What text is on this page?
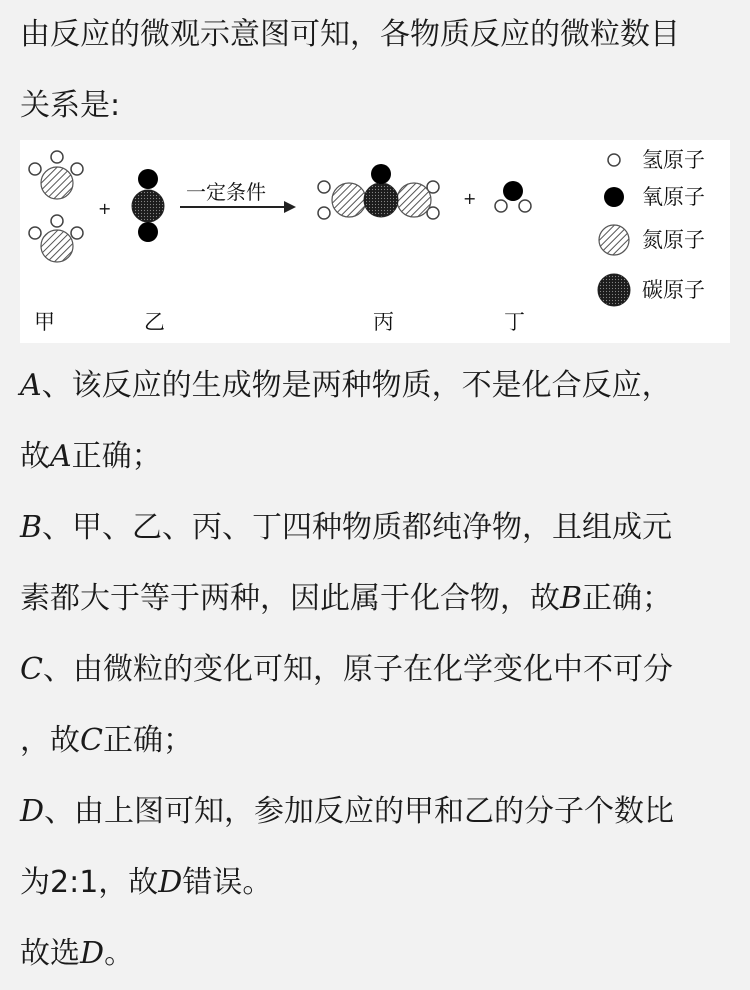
由反应的微观示意图可知，各物质反应的微粒数目
关系是:
+
一定条件	+
氢原子
氧原子
氮原子
碳原子
甲	乙	丙	丁
A、该反应的生成物是两种物质，不是化合反应，
故A正确；
B、甲、乙、丙、丁四种物质都纯净物，且组成元
素都大于等于两种，因此属于化合物，故B正确；
C、由微粒的变化可知，原子在化学变化中不可分
，故C正确；
D、由上图可知，参加反应的甲和乙的分子个数比
为2:1，故D错误。
故选D。
